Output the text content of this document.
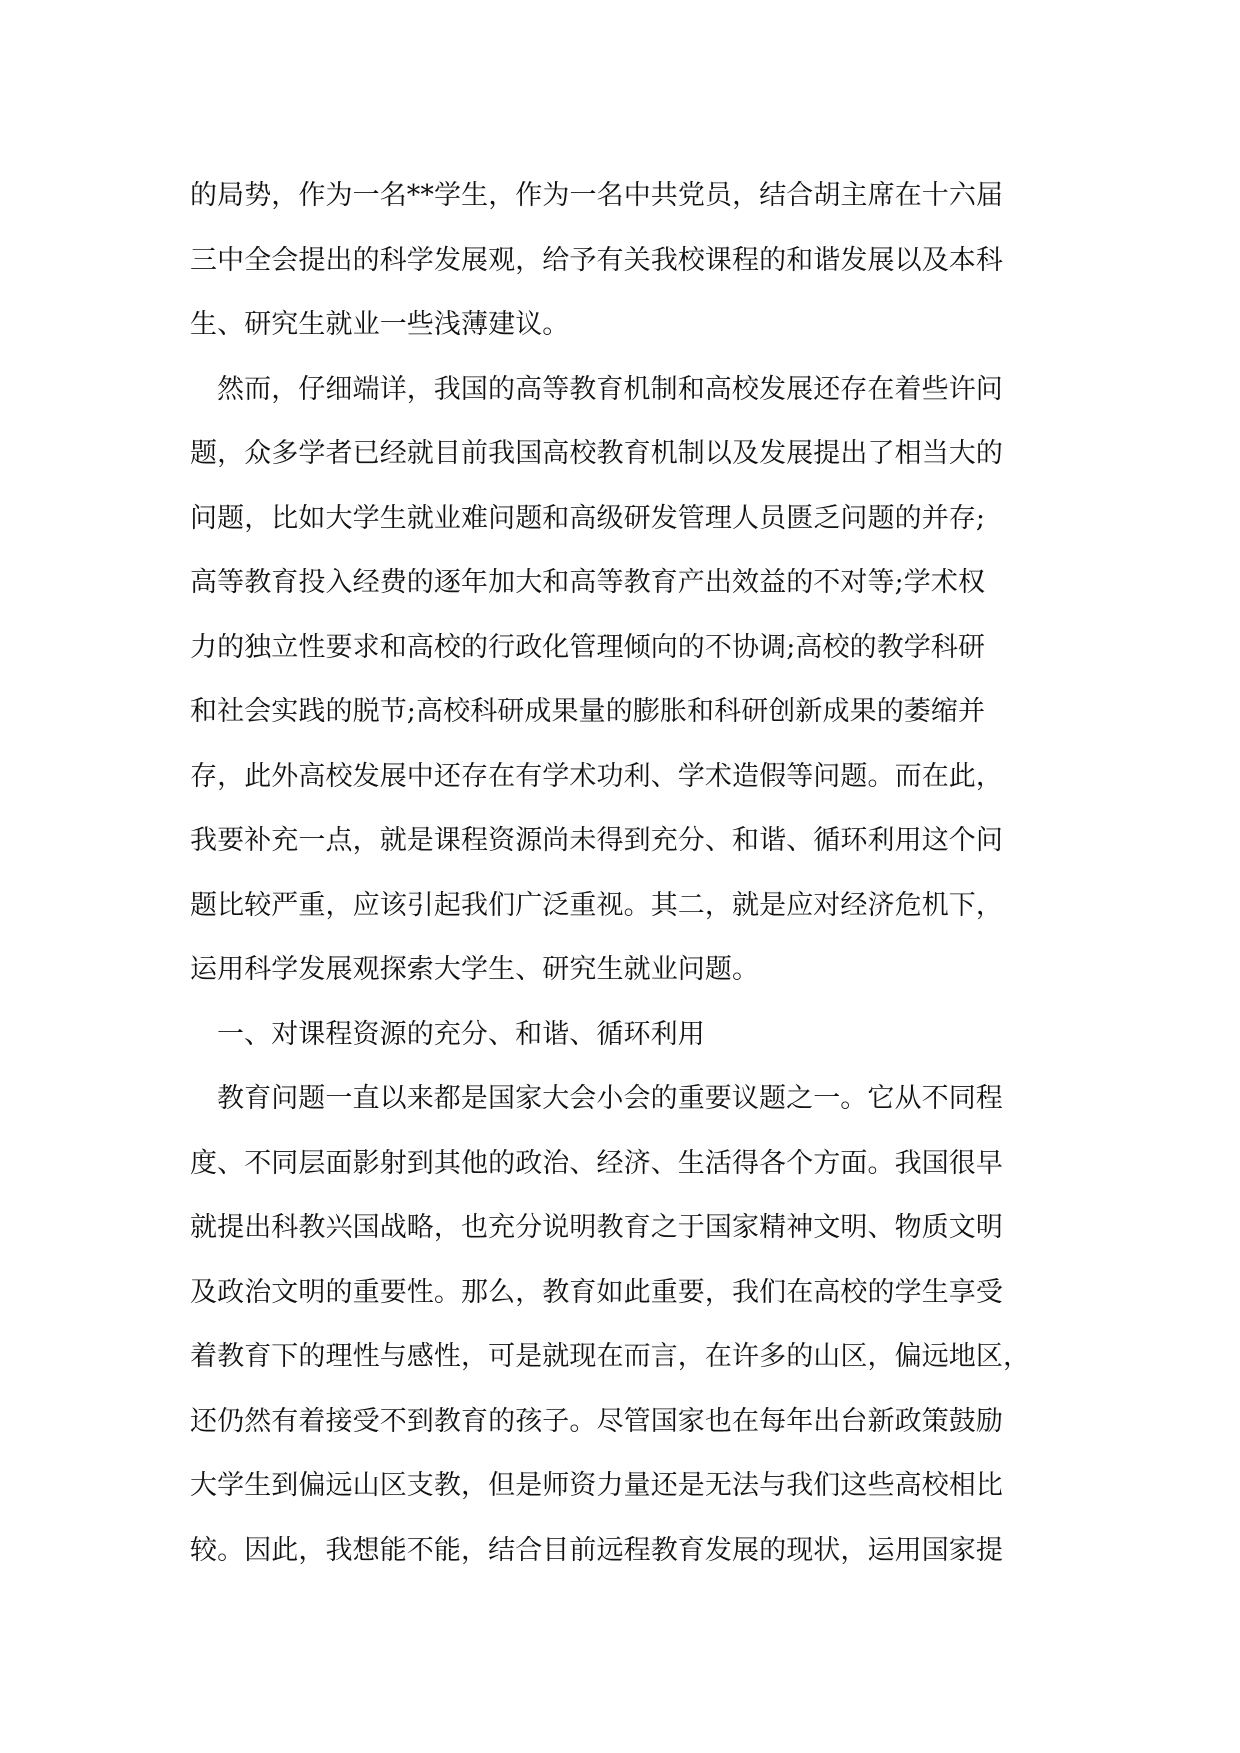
的局势，作为一名**学生，作为一名中共党员，结合胡主席在十六届
三中全会提出的科学发展观，给予有关我校课程的和谐发展以及本科
生、研究生就业一些浅薄建议。
然而，仔细端详，我国的高等教育机制和高校发展还存在着些许问
题，众多学者已经就目前我国高校教育机制以及发展提出了相当大的
问题，比如大学生就业难问题和高级研发管理人员匮乏问题的并存;
高等教育投入经费的逐年加大和高等教育产出效益的不对等;学术权
力的独立性要求和高校的行政化管理倾向的不协调;高校的教学科研
和社会实践的脱节;高校科研成果量的膨胀和科研创新成果的萎缩并
存，此外高校发展中还存在有学术功利、学术造假等问题。而在此，
我要补充一点，就是课程资源尚未得到充分、和谐、循环利用这个问
题比较严重，应该引起我们广泛重视。其二，就是应对经济危机下，
运用科学发展观探索大学生、研究生就业问题。
一、对课程资源的充分、和谐、循环利用
教育问题一直以来都是国家大会小会的重要议题之一。它从不同程
度、不同层面影射到其他的政治、经济、生活得各个方面。我国很早
就提出科教兴国战略，也充分说明教育之于国家精神文明、物质文明
及政治文明的重要性。那么，教育如此重要，我们在高校的学生享受
着教育下的理性与感性，可是就现在而言，在许多的山区，偏远地区，
还仍然有着接受不到教育的孩子。尽管国家也在每年出台新政策鼓励
大学生到偏远山区支教，但是师资力量还是无法与我们这些高校相比
较。因此，我想能不能，结合目前远程教育发展的现状，运用国家提
